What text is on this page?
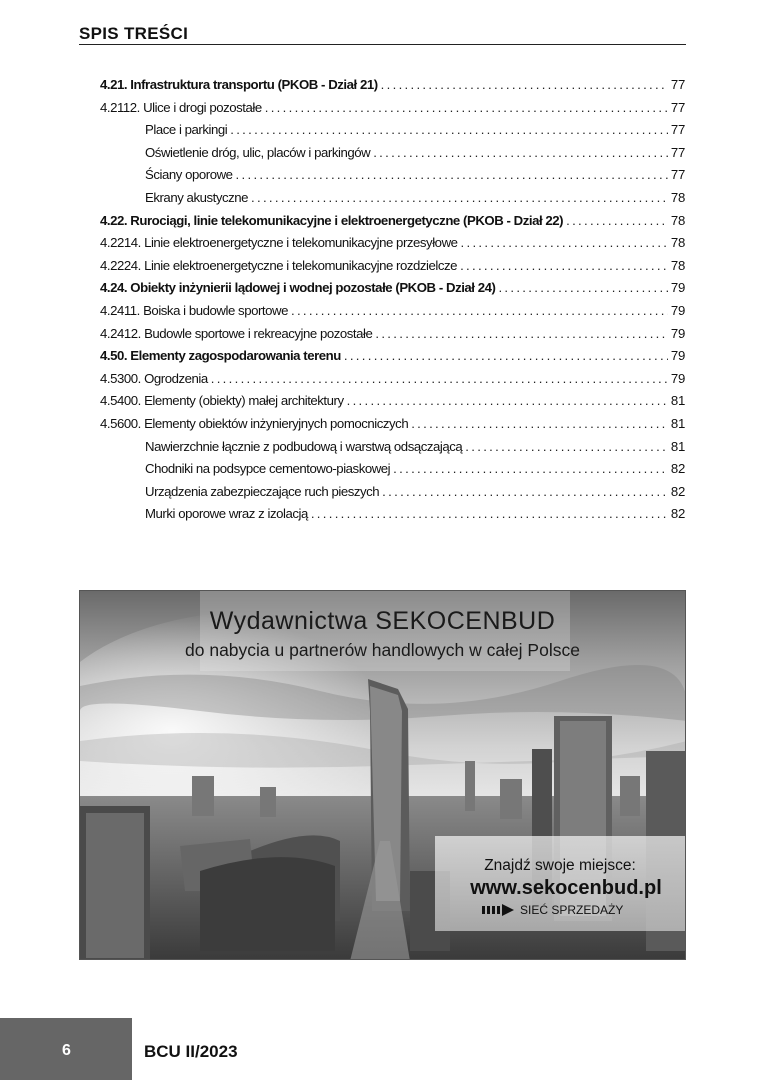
SPIS TREŚCI
4.21. Infrastruktura transportu (PKOB - Dział 21) .....	77
4.2112. Ulice i drogi pozostałe .....	77
Place i parkingi .....	77
Oświetlenie dróg, ulic, placów i parkingów .....	77
Ściany oporowe .....	77
Ekrany akustyczne .....	78
4.22. Rurociągi, linie telekomunikacyjne i elektroenergetyczne (PKOB - Dział 22) .....	78
4.2214. Linie elektroenergetyczne i telekomunikacyjne przesyłowe .....	78
4.2224. Linie elektroenergetyczne i telekomunikacyjne rozdzielcze .....	78
4.24. Obiekty inżynierii lądowej i wodnej pozostałe (PKOB - Dział 24) .....	79
4.2411. Boiska i budowle sportowe .....	79
4.2412. Budowle sportowe i rekreacyjne pozostałe .....	79
4.50. Elementy zagospodarowania terenu .....	79
4.5300. Ogrodzenia .....	79
4.5400. Elementy (obiekty) małej architektury .....	81
4.5600. Elementy obiektów inżynieryjnych pomocniczych .....	81
Nawierzchnie łącznie z podbudową i warstwą odsączającą .....	81
Chodniki na podsypce cementowo-piaskowej .....	82
Urządzenia zabezpieczające ruch pieszych .....	82
Murki oporowe wraz z izolacją .....	82
Wydawnictwa SEKOCENBUD
do nabycia u partnerów handlowych w całej Polsce
Znajdź swoje miejsce:
www.sekocenbud.pl
SIEĆ SPRZEDAŻY
6	BCU II/2023
